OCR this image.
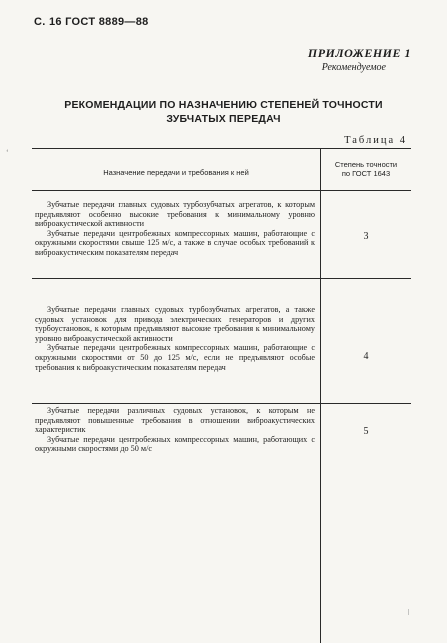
С. 16 ГОСТ 8889—88
ПРИЛОЖЕНИЕ 1
Рекомендуемое
РЕКОМЕНДАЦИИ ПО НАЗНАЧЕНИЮ СТЕПЕНЕЙ ТОЧНОСТИ
ЗУБЧАТЫХ ПЕРЕДАЧ
Таблица 4
Назначение передачи и требования к ней
Степень точности
по ГОСТ 1643

Зубчатые передачи главных судовых турбозубчатых агрегатов, к которым предъявляют особенно высокие требования к минимальному уровню виброакустической активности

Зубчатые передачи центробежных компрессорных машин, работающие с окружными скоростями свыше 125 м/с, а также в случае особых требований к виброакустическим показателям передач

3

Зубчатые передачи главных судовых турбозубчатых агрегатов, а также судовых установок для привода электрических генераторов и других турбоустановок, к которым предъявляют высокие требования к минимальному уровню виброакустической активности

Зубчатые передачи центробежных компрессорных машин, работающие с окружными скоростями от 50 до 125 м/с, если не предъявляют особые требования к виброакустическим показателям передач

4

Зубчатые передачи различных судовых установок, к которым не предъявляют повышенные требования в отношении виброакустических характеристик

Зубчатые передачи центробежных компрессорных машин, работающих с окружными скоростями до 50 м/с

5
ʻ
ǀ
